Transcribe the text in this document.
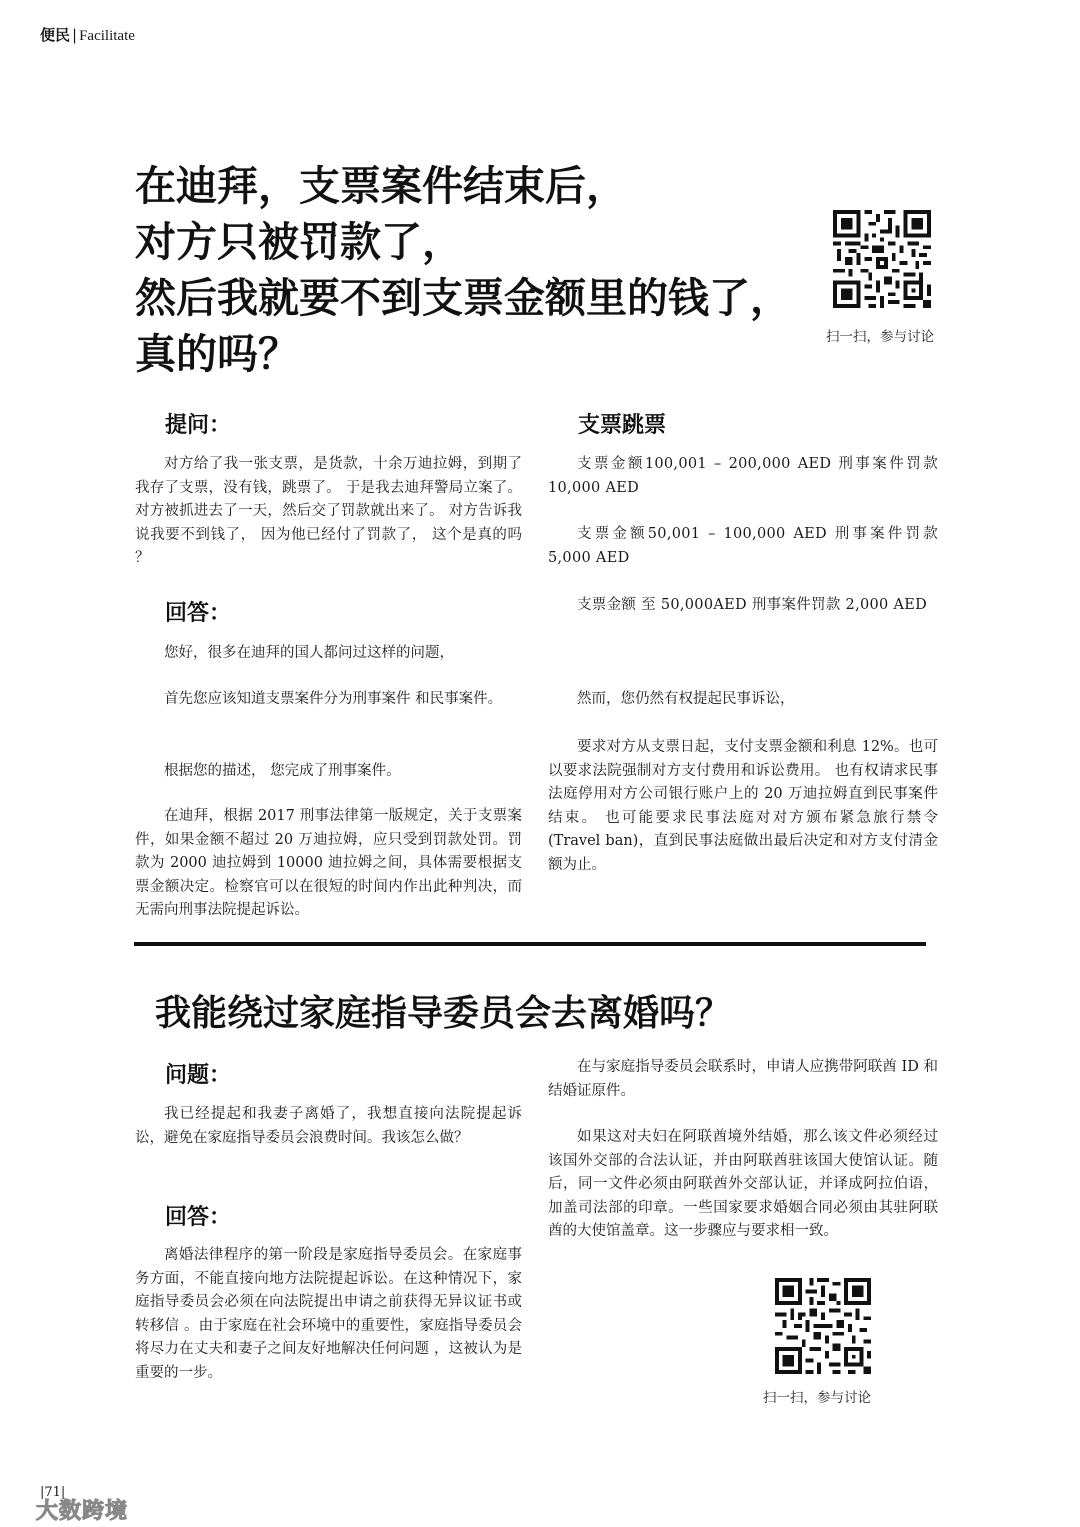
便民 | Facilitate
在迪拜，支票案件结束后，
对方只被罚款了，
然后我就要不到支票金额里的钱了，
真的吗？	扫一扫，参与讨论
提问：

对方给了我一张支票，是货款，十余万迪拉姆，到期了我存了支票，没有钱，跳票了。 于是我去迪拜警局立案了。 对方被抓进去了一天，然后交了罚款就出来了。 对方告诉我说我要不到钱了， 因为他已经付了罚款了， 这个是真的吗 ？

回答：

您好，很多在迪拜的国人都问过这样的问题，

首先您应该知道支票案件分为刑事案件 和民事案件。

根据您的描述， 您完成了刑事案件。

在迪拜，根据 2017 刑事法律第一版规定，关于支票案件，如果金额不超过 20 万迪拉姆，应只受到罚款处罚。罚款为 2000 迪拉姆到 10000 迪拉姆之间，具体需要根据支票金额决定。检察官可以在很短的时间内作出此种判决，而无需向刑事法院提起诉讼。

支票跳票

支票金额100,001 – 200,000 AED 刑事案件罚款 10,000 AED

支票金额50,001 – 100,000 AED 刑事案件罚款 5,000 AED

支票金额 至 50,000AED 刑事案件罚款 2,000 AED

然而，您仍然有权提起民事诉讼，

要求对方从支票日起，支付支票金额和利息 12%。也可以要求法院强制对方支付费用和诉讼费用。 也有权请求民事法庭停用对方公司银行账户上的 20 万迪拉姆直到民事案件结束。 也可能要求民事法庭对对方颁布紧急旅行禁令(Travel ban)，直到民事法庭做出最后决定和对方支付清金额为止。

我能绕过家庭指导委员会去离婚吗？
问题：

我已经提起和我妻子离婚了，我想直接向法院提起诉讼，避免在家庭指导委员会浪费时间。我该怎么做？

回答：

离婚法律程序的第一阶段是家庭指导委员会。在家庭事务方面，不能直接向地方法院提起诉讼。在这种情况下，家庭指导委员会必须在向法院提出申请之前获得无异议证书或转移信 。由于家庭在社会环境中的重要性，家庭指导委员会将尽力在丈夫和妻子之间友好地解决任何问题 ，这被认为是重要的一步。

在与家庭指导委员会联系时，申请人应携带阿联酋 ID 和结婚证原件。

如果这对夫妇在阿联酋境外结婚，那么该文件必须经过该国外交部的合法认证，并由阿联酋驻该国大使馆认证。随后，同一文件必须由阿联酋外交部认证，并译成阿拉伯语，加盖司法部的印章。一些国家要求婚姻合同必须由其驻阿联酋的大使馆盖章。这一步骤应与要求相一致。

扫一扫，参与讨论
|71|
大数跨境
